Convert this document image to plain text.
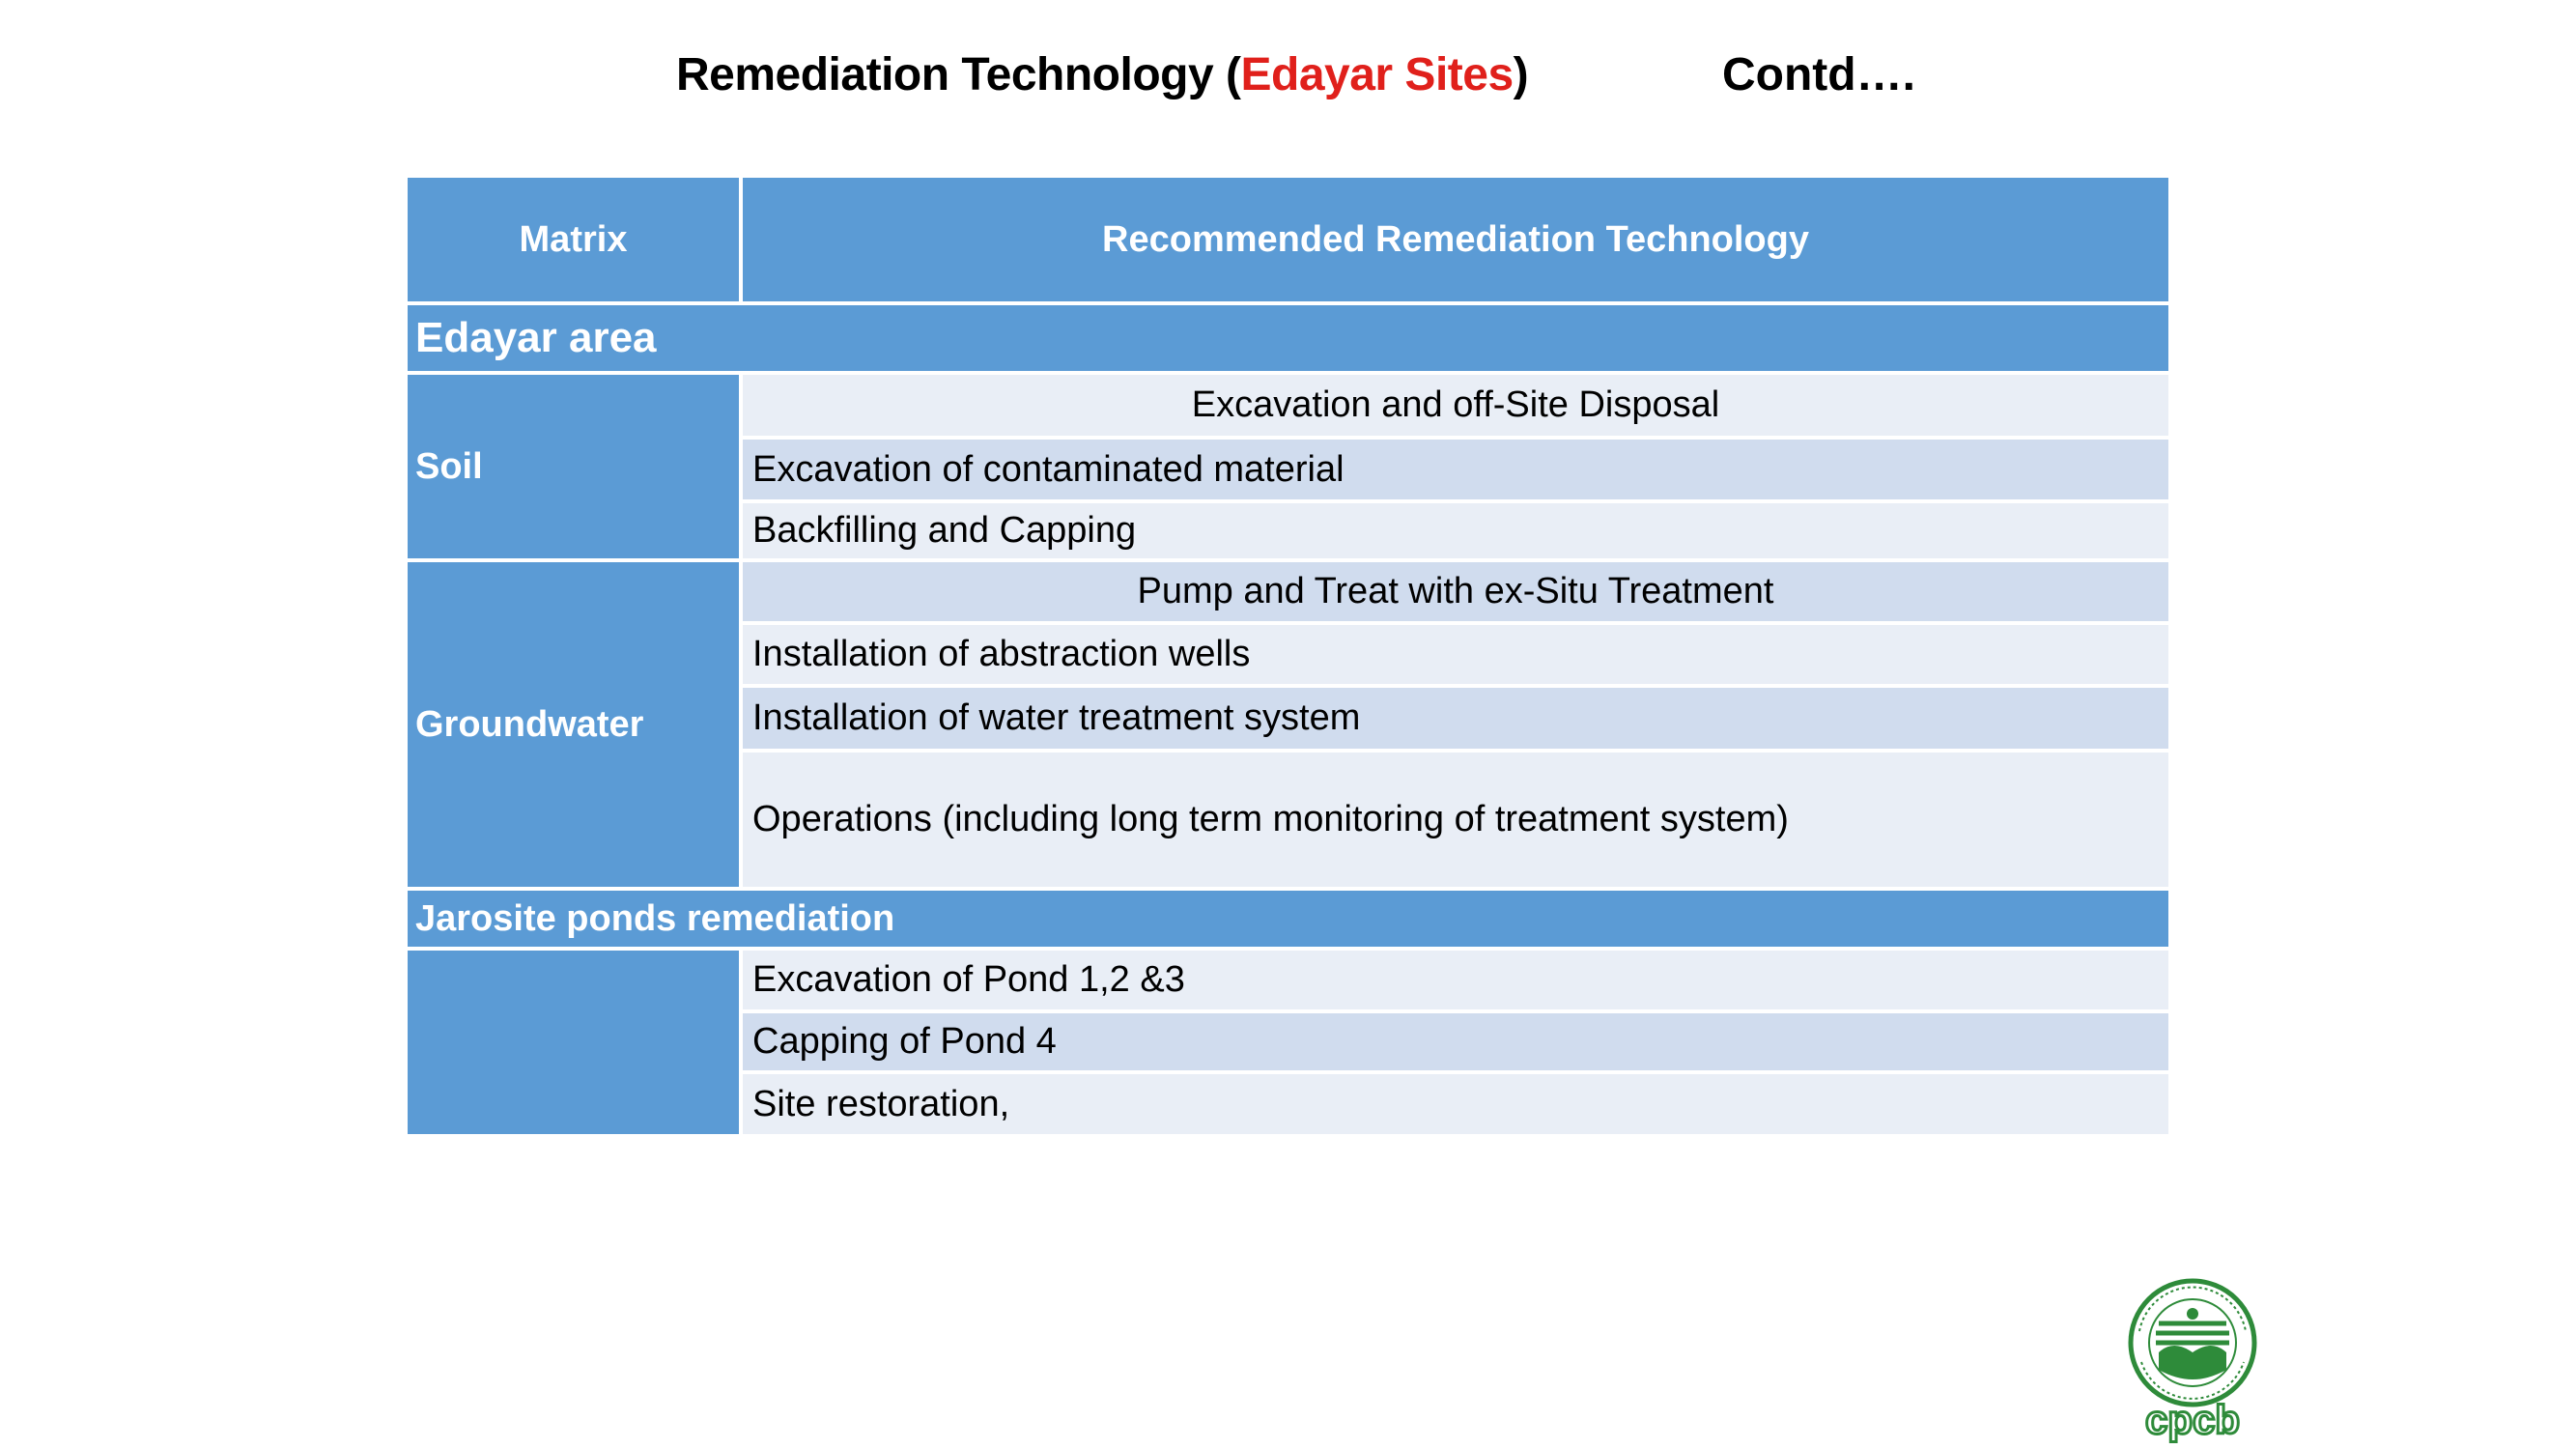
Remediation Technology (Edayar Sites)	Contd….
Matrix	Recommended Remediation Technology
Edayar area
Soil
Excavation and off-Site Disposal
Excavation of contaminated material
Backfilling and Capping
Groundwater
Pump and Treat with ex-Situ Treatment
Installation of abstraction wells
Installation of water treatment system
Operations (including long term monitoring of treatment system)
Jarosite ponds remediation
Excavation of Pond 1,2 &3
Capping of Pond 4
Site restoration,
cpcb
